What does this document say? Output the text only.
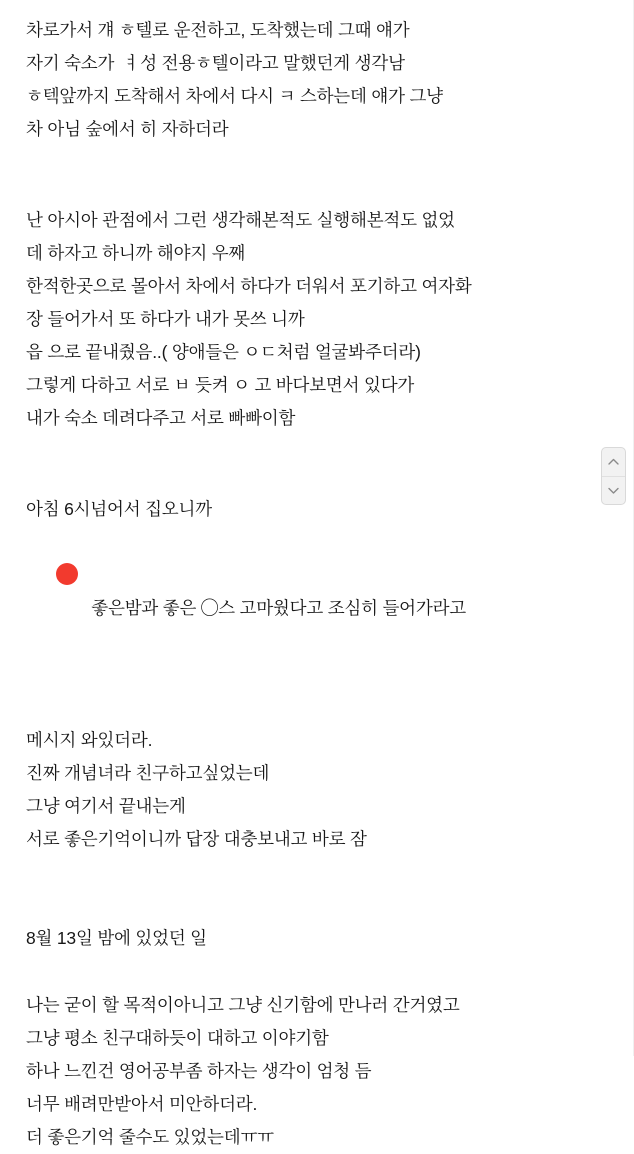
차로가서 걔 ㅎ텔로 운전하고, 도착했는데 그때 얘가
자기 숙소가  ㅕ성 전용ㅎ텔이라고 말했던게 생각남
ㅎ텍앞까지 도착해서 차에서 다시 ㅋ 스하는데 얘가 그냥
차 아님 숲에서 히 자하더라
난 아시아 관점에서 그런 생각해본적도 실행해본적도 없었
데 하자고 하니까 해야지 우째
한적한곳으로 몰아서 차에서 하다가 더워서 포기하고 여자화
장 들어가서 또 하다가 내가 못쓰 니까
읍 으로 끝내줬음..( 양애들은 ㅇㄷ처럼 얼굴봐주더라)
그렇게 다하고 서로 ㅂ 듯켜 ㅇ 고 바다보면서 있다가
내가 숙소 데려다주고 서로 빠빠이함
아침 6시넘어서 집오니까

좋은밤과 좋은 ◯스 고마웠다고 조심히 들어가라고

메시지 와있더라.
진짜 개념녀라 친구하고싶었는데
그냥 여기서 끝내는게
서로 좋은기억이니까 답장 대충보내고 바로 잠
8월 13일 밤에 있었던 일
나는 굳이 할 목적이아니고 그냥 신기함에 만나러 간거였고
그냥 평소 친구대하듯이 대하고 이야기함
하나 느낀건 영어공부좀 하자는 생각이 엄청 듬
너무 배려만받아서 미안하더라.
더 좋은기억 줄수도 있었는데ㅠㅠ
